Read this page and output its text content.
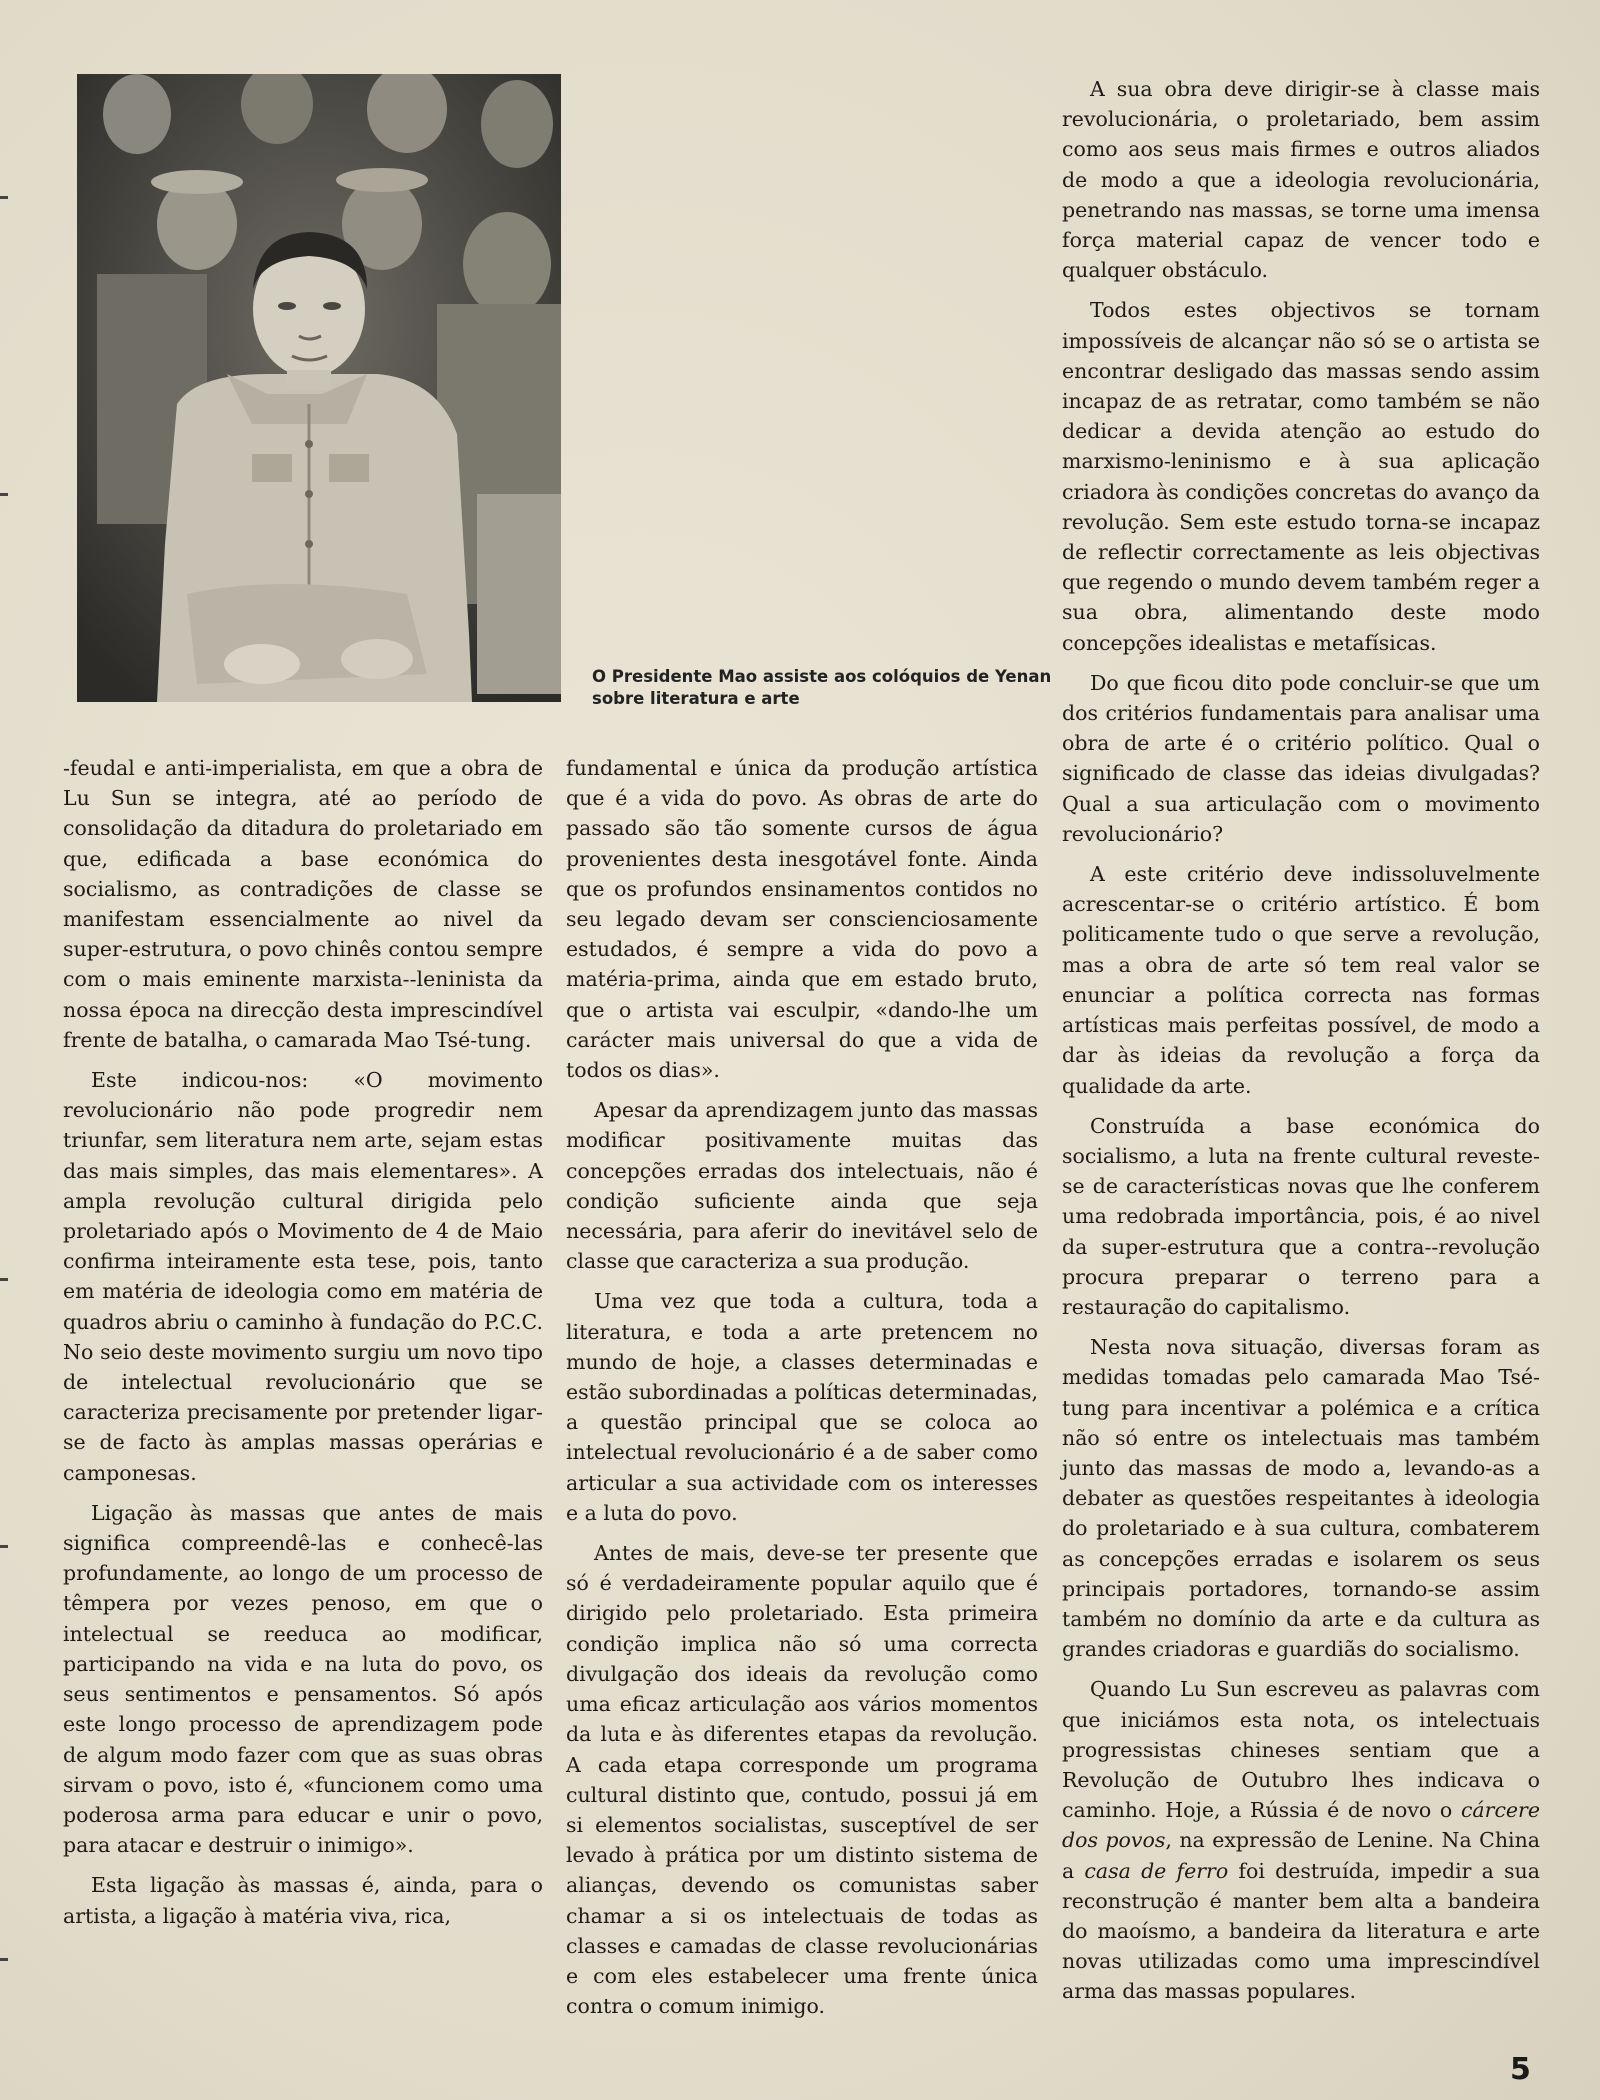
O Presidente Mao assiste aos colóquios de Yenan sobre literatura e arte

-feudal e anti-imperialista, em que a obra de Lu Sun se integra, até ao período de consolidação da ditadura do proletariado em que, edificada a base económica do socialismo, as contradições de classe se manifestam essencialmente ao nivel da super-estrutura, o povo chinês contou sempre com o mais eminente marxista--leninista da nossa época na direcção desta imprescindível frente de batalha, o camarada Mao Tsé-tung.

Este indicou-nos: «O movimento revolucionário não pode progredir nem triunfar, sem literatura nem arte, sejam estas das mais simples, das mais elementares». A ampla revolução cultural dirigida pelo proletariado após o Movimento de 4 de Maio confirma inteiramente esta tese, pois, tanto em matéria de ideologia como em matéria de quadros abriu o caminho à fundação do P.C.C. No seio deste movimento surgiu um novo tipo de intelectual revolucionário que se caracteriza precisamente por pretender ligar-se de facto às amplas massas operárias e camponesas.

Ligação às massas que antes de mais significa compreendê-las e conhecê-las profundamente, ao longo de um processo de têmpera por vezes penoso, em que o intelectual se reeduca ao modificar, participando na vida e na luta do povo, os seus sentimentos e pensamentos. Só após este longo processo de aprendizagem pode de algum modo fazer com que as suas obras sirvam o povo, isto é, «funcionem como uma poderosa arma para educar e unir o povo, para atacar e destruir o inimigo».

Esta ligação às massas é, ainda, para o artista, a ligação à matéria viva, rica,

fundamental e única da produção artística que é a vida do povo. As obras de arte do passado são tão somente cursos de água provenientes desta inesgotável fonte. Ainda que os profundos ensinamentos contidos no seu legado devam ser conscienciosamente estudados, é sempre a vida do povo a matéria-prima, ainda que em estado bruto, que o artista vai esculpir, «dando-lhe um carácter mais universal do que a vida de todos os dias».

Apesar da aprendizagem junto das massas modificar positivamente muitas das concepções erradas dos intelectuais, não é condição suficiente ainda que seja necessária, para aferir do inevitável selo de classe que caracteriza a sua produção.

Uma vez que toda a cultura, toda a literatura, e toda a arte pretencem no mundo de hoje, a classes determinadas e estão subordinadas a políticas determinadas, a questão principal que se coloca ao intelectual revolucionário é a de saber como articular a sua actividade com os interesses e a luta do povo.

Antes de mais, deve-se ter presente que só é verdadeiramente popular aquilo que é dirigido pelo proletariado. Esta primeira condição implica não só uma correcta divulgação dos ideais da revolução como uma eficaz articulação aos vários momentos da luta e às diferentes etapas da revolução. A cada etapa corresponde um programa cultural distinto que, contudo, possui já em si elementos socialistas, susceptível de ser levado à prática por um distinto sistema de alianças, devendo os comunistas saber chamar a si os intelectuais de todas as classes e camadas de classe revolucionárias e com eles estabelecer uma frente única contra o comum inimigo.

A sua obra deve dirigir-se à classe mais revolucionária, o proletariado, bem assim como aos seus mais firmes e outros aliados de modo a que a ideologia revolucionária, penetrando nas massas, se torne uma imensa força material capaz de vencer todo e qualquer obstáculo.

Todos estes objectivos se tornam impossíveis de alcançar não só se o artista se encontrar desligado das massas sendo assim incapaz de as retratar, como também se não dedicar a devida atenção ao estudo do marxismo-leninismo e à sua aplicação criadora às condições concretas do avanço da revolução. Sem este estudo torna-se incapaz de reflectir correctamente as leis objectivas que regendo o mundo devem também reger a sua obra, alimentando deste modo concepções idealistas e metafísicas.

Do que ficou dito pode concluir-se que um dos critérios fundamentais para analisar uma obra de arte é o critério político. Qual o significado de classe das ideias divulgadas? Qual a sua articulação com o movimento revolucionário?

A este critério deve indissoluvelmente acrescentar-se o critério artístico. É bom politicamente tudo o que serve a revolução, mas a obra de arte só tem real valor se enunciar a política correcta nas formas artísticas mais perfeitas possível, de modo a dar às ideias da revolução a força da qualidade da arte.

Construída a base económica do socialismo, a luta na frente cultural reveste-se de características novas que lhe conferem uma redobrada importância, pois, é ao nivel da super-estrutura que a contra--revolução procura preparar o terreno para a restauração do capitalismo.

Nesta nova situação, diversas foram as medidas tomadas pelo camarada Mao Tsé-tung para incentivar a polémica e a crítica não só entre os intelectuais mas também junto das massas de modo a, levando-as a debater as questões respeitantes à ideologia do proletariado e à sua cultura, combaterem as concepções erradas e isolarem os seus principais portadores, tornando-se assim também no domínio da arte e da cultura as grandes criadoras e guardiãs do socialismo.

Quando Lu Sun escreveu as palavras com que iniciámos esta nota, os intelectuais progressistas chineses sentiam que a Revolução de Outubro lhes indicava o caminho. Hoje, a Rússia é de novo o cárcere dos povos, na expressão de Lenine. Na China a casa de ferro foi destruída, impedir a sua reconstrução é manter bem alta a bandeira do maoísmo, a bandeira da literatura e arte novas utilizadas como uma imprescindível arma das massas populares.

5
